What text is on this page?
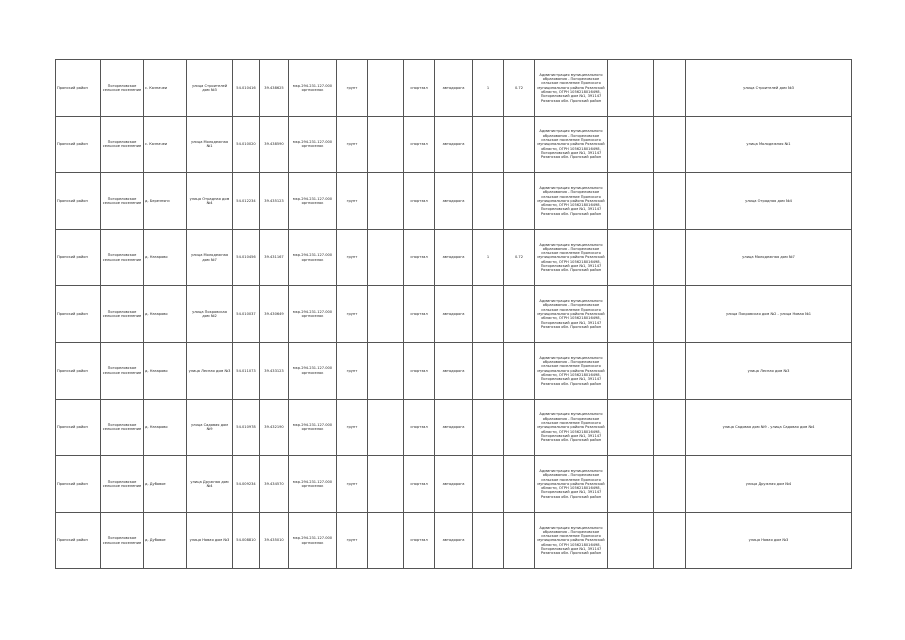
Пронский район	Погореловское сельское поселение	с. Казначеи	улица Строителей дом №3	54.010416	39.438625	мкр.294.231.127.000 оргпоселок	грунт		спортзал	автодорога	1	0.72	Администрация муниципального образования - Погореловское сельское поселение Пронского муниципального района Рязанской области, ОГРН 1056218016498, Погореловский дом №1, 391147 Рязанская обл. Пронский район			улица Строителей дом №3
Пронский район	Погореловское сельское поселение	с. Казначеи	улица Молодежная №1	54.010020	39.438590	мкр.294.231.127.000 оргпоселок	грунт		спортзал	автодорога			Администрация муниципального образования - Погореловское сельское поселение Пронского муниципального района Рязанской области, ОГРН 1056218016498, Погореловский дом №1, 391147 Рязанская обл. Пронский район			улица Молодежная №1
Пронский район	Погореловское сельское поселение	д. Березняги	улица Отрадная дом №4	54.012234	39.435123	мкр.294.231.127.000 оргпоселок	грунт		спортзал	автодорога			Администрация муниципального образования - Погореловское сельское поселение Пронского муниципального района Рязанской области, ОГРН 1056218016498, Погореловский дом №1, 391147 Рязанская обл. Пронский район			улица Отрадная дом №4
Пронский район	Погореловское сельское поселение	д. Назарово	улица Молодежная дом №7	54.010456	39.431167	мкр.294.231.127.000 оргпоселок	грунт		спортзал	автодорога	1	0.72	Администрация муниципального образования - Погореловское сельское поселение Пронского муниципального района Рязанской области, ОГРН 1056218016498, Погореловский дом №1, 391147 Рязанская обл. Пронский район			улица Молодежная дом №7
Пронский район	Погореловское сельское поселение	д. Назарово	улица Покровская дом №2	54.010037	39.430649	мкр.294.231.127.000 оргпоселок	грунт		спортзал	автодорога			Администрация муниципального образования - Погореловское сельское поселение Пронского муниципального района Рязанской области, ОГРН 1056218016498, Погореловский дом №1, 391147 Рязанская обл. Пронский район			улица Покровская дом №2 - улица Новая №1
Пронский район	Погореловское сельское поселение	д. Назарово	улица Лесная дом №3	54.011073	39.433123	мкр.294.231.127.000 оргпоселок	грунт		спортзал	автодорога			Администрация муниципального образования - Погореловское сельское поселение Пронского муниципального района Рязанской области, ОГРН 1056218016498, Погореловский дом №1, 391147 Рязанская обл. Пронский район			улица Лесная дом №3
Пронский район	Погореловское сельское поселение	д. Назарово	улица Садовая дом №9	54.010978	39.432190	мкр.294.231.127.000 оргпоселок	грунт		спортзал	автодорога			Администрация муниципального образования - Погореловское сельское поселение Пронского муниципального района Рязанской области, ОГРН 1056218016498, Погореловский дом №1, 391147 Рязанская обл. Пронский район			улица Садовая дом №9 - улица Садовая дом №4
Пронский район	Погореловское сельское поселение	д. Дубовое	улица Дружная дом №4	54.009234	39.434570	мкр.294.231.127.000 оргпоселок	грунт		спортзал	автодорога			Администрация муниципального образования - Погореловское сельское поселение Пронского муниципального района Рязанской области, ОГРН 1056218016498, Погореловский дом №1, 391147 Рязанская обл. Пронский район			улица Дружная дом №4
Пронский район	Погореловское сельское поселение	д. Дубовое	улица Новая дом №3	54.008810	39.435010	мкр.294.231.127.000 оргпоселок	грунт		спортзал	автодорога			Администрация муниципального образования - Погореловское сельское поселение Пронского муниципального района Рязанской области, ОГРН 1056218016498, Погореловский дом №1, 391147 Рязанская обл. Пронский район			улица Новая дом №3
